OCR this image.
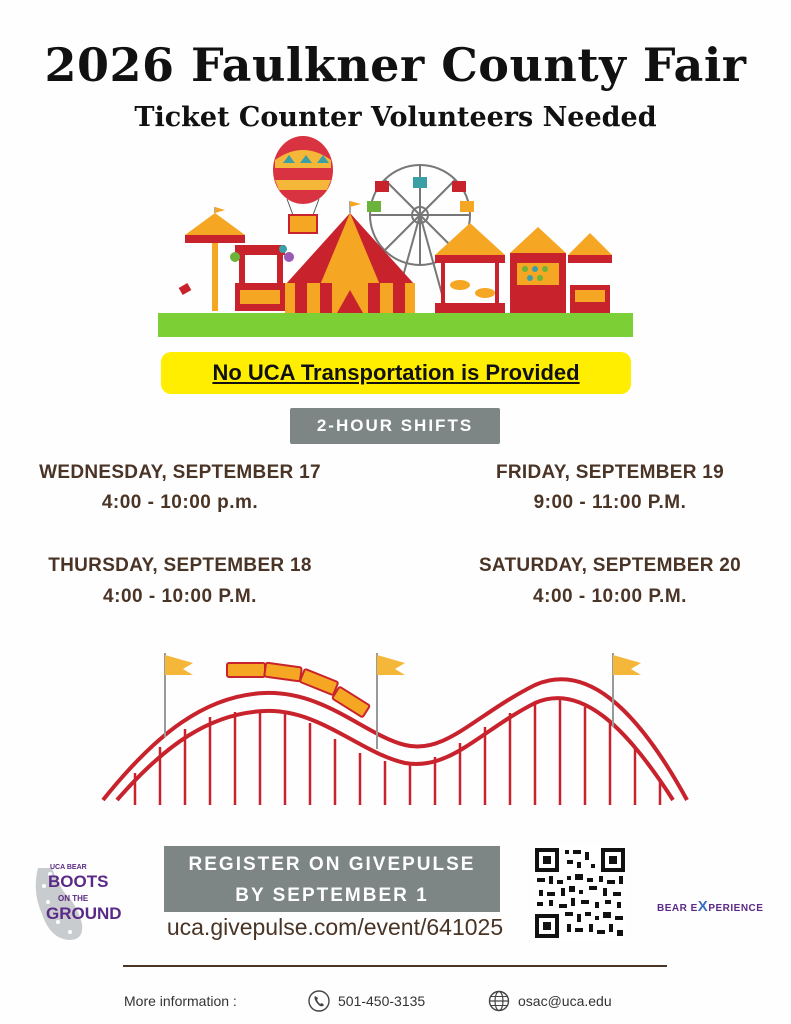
2026 Faulkner County Fair
Ticket Counter Volunteers Needed
No UCA Transportation is Provided
2-HOUR SHIFTS
WEDNESDAY, SEPTEMBER 17
4:00 - 10:00 p.m.
FRIDAY, SEPTEMBER 19
9:00 - 11:00 P.M.
THURSDAY, SEPTEMBER 18
4:00 - 10:00 P.M.
SATURDAY, SEPTEMBER 20
4:00 - 10:00 P.M.
UCA BEAR
BOOTS
ON THE
GROUND
REGISTER ON GIVEPULSE
BY SEPTEMBER 1
uca.givepulse.com/event/641025
BEAR EXPERIENCE
More information :	501-450-3135	osac@uca.edu
